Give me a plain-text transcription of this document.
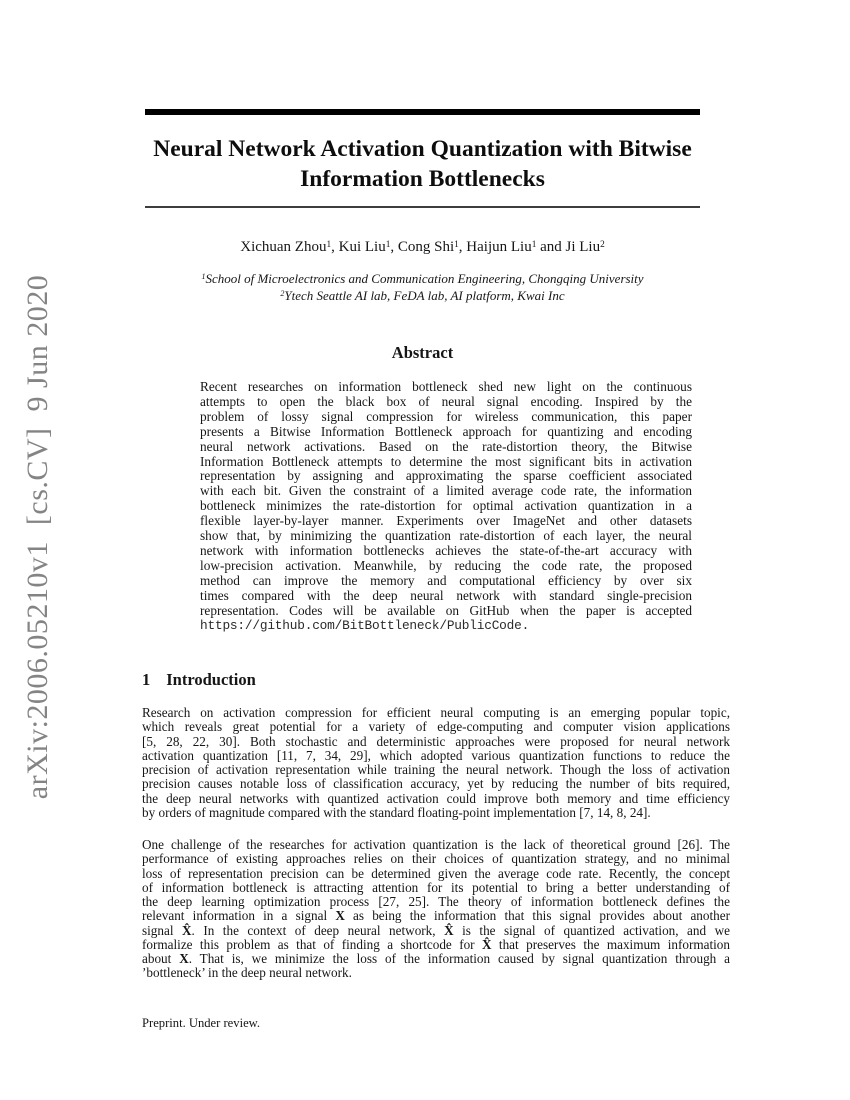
arXiv:2006.05210v1  [cs.CV]  9 Jun 2020
Neural Network Activation Quantization with Bitwise
Information Bottlenecks
Xichuan Zhou$^1$, Kui Liu$^1$, Cong Shi$^1$, Haijun Liu$^1$ and Ji Liu$^2$
$^1$School of Microelectronics and Communication Engineering, Chongqing University
$^2$Ytech Seattle AI lab, FeDA lab, AI platform, Kwai Inc
Abstract
Recent researches on information bottleneck shed new light on the continuous
attempts to open the black box of neural signal encoding. Inspired by the
problem of lossy signal compression for wireless communication, this paper
presents a Bitwise Information Bottleneck approach for quantizing and encoding
neural network activations. Based on the rate-distortion theory, the Bitwise
Information Bottleneck attempts to determine the most significant bits in activation
representation by assigning and approximating the sparse coefficient associated
with each bit. Given the constraint of a limited average code rate, the information
bottleneck minimizes the rate-distortion for optimal activation quantization in a
flexible layer-by-layer manner. Experiments over ImageNet and other datasets
show that, by minimizing the quantization rate-distortion of each layer, the neural
network with information bottlenecks achieves the state-of-the-art accuracy with
low-precision activation. Meanwhile, by reducing the code rate, the proposed
method can improve the memory and computational efficiency by over six
times compared with the deep neural network with standard single-precision
representation. Codes will be available on GitHub when the paper is accepted
https://github.com/BitBottleneck/PublicCode.
1 Introduction
Research on activation compression for efficient neural computing is an emerging popular topic,
which reveals great potential for a variety of edge-computing and computer vision applications
[5, 28, 22, 30]. Both stochastic and deterministic approaches were proposed for neural network
activation quantization [11, 7, 34, 29], which adopted various quantization functions to reduce the
precision of activation representation while training the neural network. Though the loss of activation
precision causes notable loss of classification accuracy, yet by reducing the number of bits required,
the deep neural networks with quantized activation could improve both memory and time efficiency
by orders of magnitude compared with the standard floating-point implementation [7, 14, 8, 24].
One challenge of the researches for activation quantization is the lack of theoretical ground [26]. The
performance of existing approaches relies on their choices of quantization strategy, and no minimal
loss of representation precision can be determined given the average code rate. Recently, the concept
of information bottleneck is attracting attention for its potential to bring a better understanding of
the deep learning optimization process [27, 25]. The theory of information bottleneck defines the
relevant information in a signal X as being the information that this signal provides about another
signal X̂. In the context of deep neural network, X̂ is the signal of quantized activation, and we
formalize this problem as that of finding a shortcode for X̂ that preserves the maximum information
about X. That is, we minimize the loss of the information caused by signal quantization through a
’bottleneck’ in the deep neural network.
Preprint. Under review.
